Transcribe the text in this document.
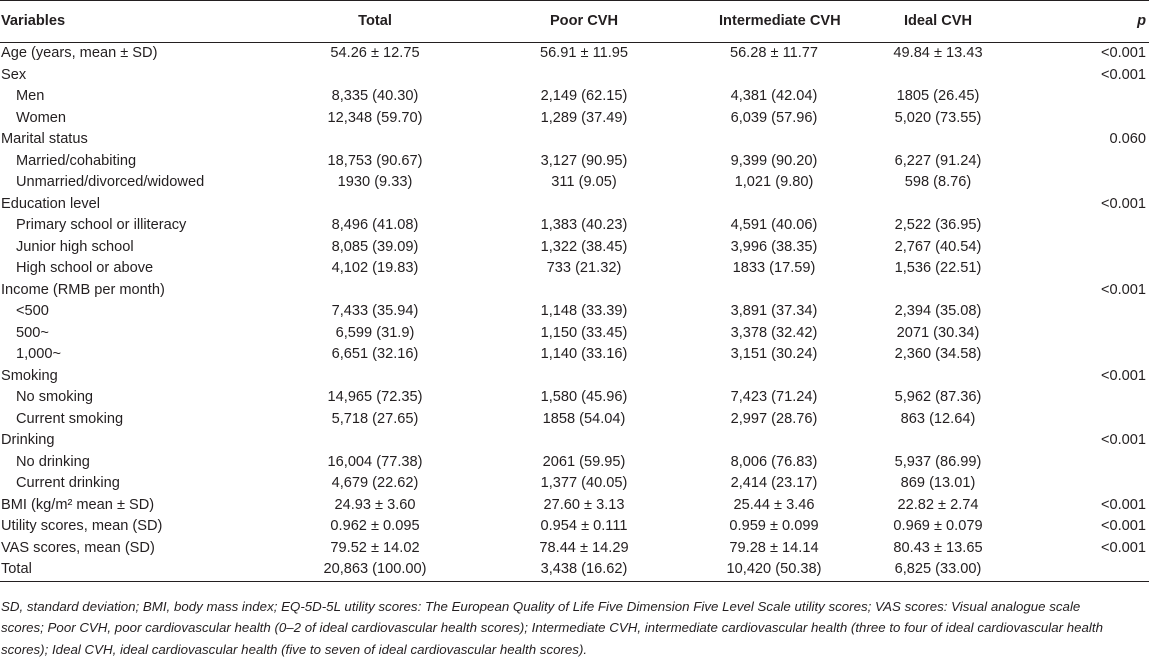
Variables	Total	Poor CVH	Intermediate CVH	Ideal CVH	p
Age (years, mean ± SD)	54.26 ± 12.75	56.91 ± 11.95	56.28 ± 11.77	49.84 ± 13.43	<0.001
Sex					<0.001
Men	8,335 (40.30)	2,149 (62.15)	4,381 (42.04)	1805 (26.45)	
Women	12,348 (59.70)	1,289 (37.49)	6,039 (57.96)	5,020 (73.55)	
Marital status					0.060
Married/cohabiting	18,753 (90.67)	3,127 (90.95)	9,399 (90.20)	6,227 (91.24)	
Unmarried/divorced/widowed	1930 (9.33)	311 (9.05)	1,021 (9.80)	598 (8.76)	
Education level					<0.001
Primary school or illiteracy	8,496 (41.08)	1,383 (40.23)	4,591 (40.06)	2,522 (36.95)	
Junior high school	8,085 (39.09)	1,322 (38.45)	3,996 (38.35)	2,767 (40.54)	
High school or above	4,102 (19.83)	733 (21.32)	1833 (17.59)	1,536 (22.51)	
Income (RMB per month)					<0.001
<500	7,433 (35.94)	1,148 (33.39)	3,891 (37.34)	2,394 (35.08)	
500~	6,599 (31.9)	1,150 (33.45)	3,378 (32.42)	2071 (30.34)	
1,000~	6,651 (32.16)	1,140 (33.16)	3,151 (30.24)	2,360 (34.58)	
Smoking					<0.001
No smoking	14,965 (72.35)	1,580 (45.96)	7,423 (71.24)	5,962 (87.36)	
Current smoking	5,718 (27.65)	1858 (54.04)	2,997 (28.76)	863 (12.64)	
Drinking					<0.001
No drinking	16,004 (77.38)	2061 (59.95)	8,006 (76.83)	5,937 (86.99)	
Current drinking	4,679 (22.62)	1,377 (40.05)	2,414 (23.17)	869 (13.01)	
BMI (kg/m² mean ± SD)	24.93 ± 3.60	27.60 ± 3.13	25.44 ± 3.46	22.82 ± 2.74	<0.001
Utility scores, mean (SD)	0.962 ± 0.095	0.954 ± 0.111	0.959 ± 0.099	0.969 ± 0.079	<0.001
VAS scores, mean (SD)	79.52 ± 14.02	78.44 ± 14.29	79.28 ± 14.14	80.43 ± 13.65	<0.001
Total	20,863 (100.00)	3,438 (16.62)	10,420 (50.38)	6,825 (33.00)	

SD, standard deviation; BMI, body mass index; EQ-5D-5L utility scores: The European Quality of Life Five Dimension Five Level Scale utility scores; VAS scores: Visual analogue scale scores; Poor CVH, poor cardiovascular health (0–2 of ideal cardiovascular health scores); Intermediate CVH, intermediate cardiovascular health (three to four of ideal cardiovascular health scores); Ideal CVH, ideal cardiovascular health (five to seven of ideal cardiovascular health scores).
